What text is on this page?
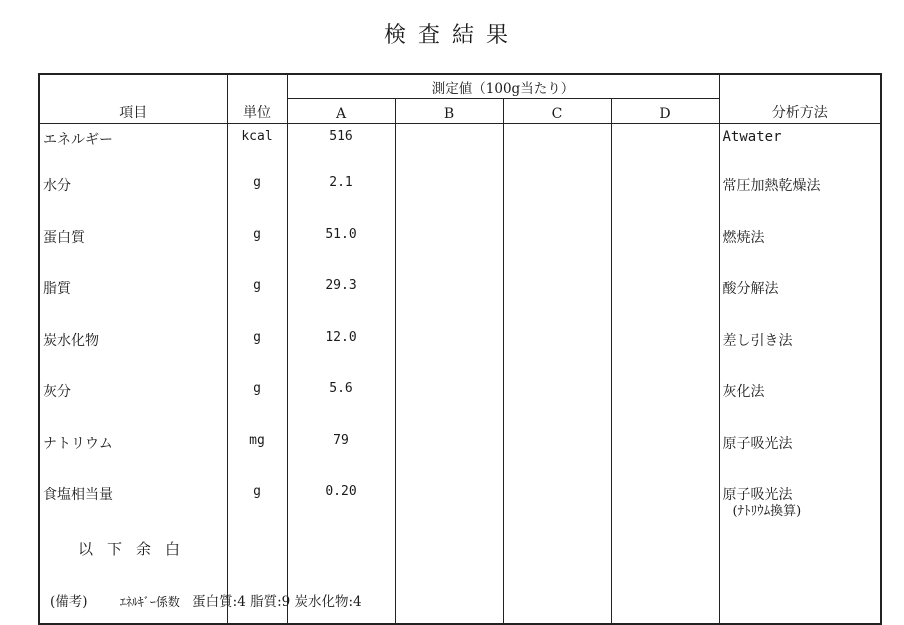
検査結果
項目	単位	測定値（100g当たり）				分析方法
		A	B	C	D	
エネルギー	kcal	516				Atwater
水分	g	2.1				常圧加熱乾燥法
蛋白質	g	51.0				燃焼法
脂質	g	29.3				酸分解法
炭水化物	g	12.0				差し引き法
灰分	g	5.6				灰化法
ナトリウム	mg	79				原子吸光法
食塩相当量	g	0.20				原子吸光法
(ﾅﾄﾘｳﾑ換算)

以下余白						
(備考)	ｴﾈﾙｷﾞｰ係数 蛋白質:4 脂質:9 炭水化物:4
